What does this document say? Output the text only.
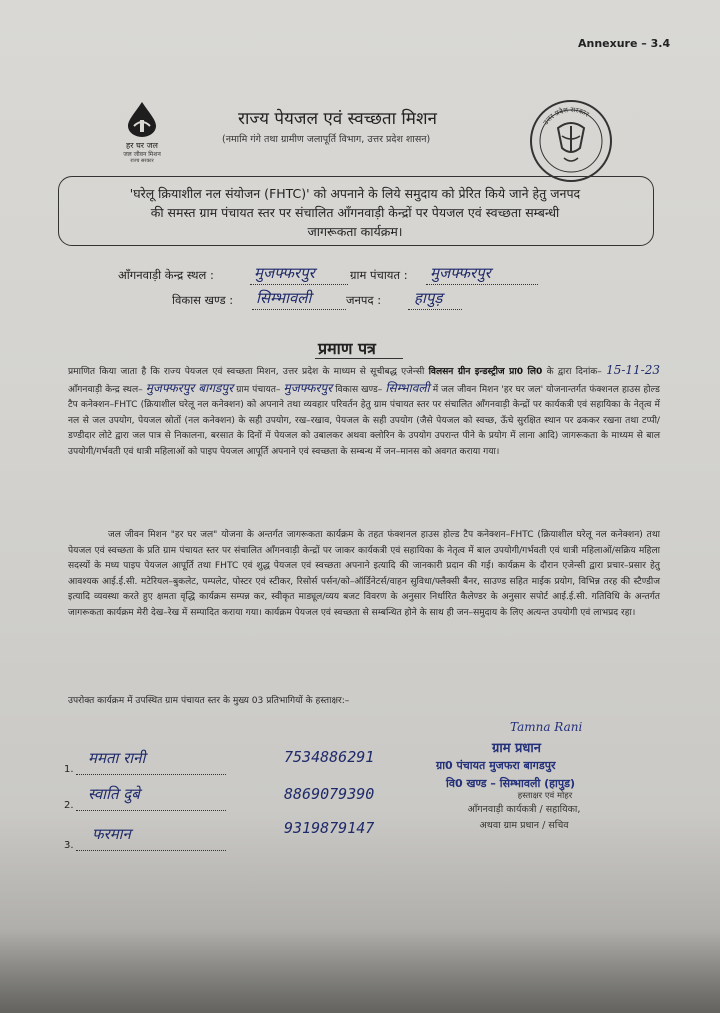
Annexure – 3.4
हर घर जल
जल जीवन मिशन
राज्य सरकार
राज्य पेयजल एवं स्वच्छता मिशन
(नमामि गंगे तथा ग्रामीण जलापूर्ति विभाग, उत्तर प्रदेश शासन)
उत्तर प्रदेश सरकार
'घरेलू क्रियाशील नल संयोजन (FHTC)' को अपनाने के लिये समुदाय को प्रेरित किये जाने हेतु जनपद
की समस्त ग्राम पंचायत स्तर पर संचालित ऑंगनवाड़ी केन्द्रों पर पेयजल एवं स्वच्छता सम्बन्धी
जागरूकता कार्यक्रम।
ऑंगनवाड़ी केन्द्र स्थल :	मुजफ्फरपुर	ग्राम पंचायत : मुजफ्फरपुर
विकास खण्ड : सिम्भावली	जनपद : हापुड़
प्रमाण पत्र
प्रमाणित किया जाता है कि राज्य पेयजल एवं स्वच्छता मिशन, उत्तर प्रदेश के माध्यम से सूचीबद्ध एजेन्सी विलसन ग्रीन इन्डस्ट्रीज प्रा0 लि0 के द्वारा दिनांक– 15-11-23 ऑंगनवाड़ी केन्द्र स्थल– मुजफ्फरपुर बागडपुर ग्राम पंचायत– मुजफ्फरपुर विकास खण्ड– सिम्भावली में जल जीवन मिशन 'हर घर जल' योजनान्तर्गत फंक्शनल हाउस होल्ड टैप कनेक्शन–FHTC (क्रियाशील घरेलू नल कनेक्शन) को अपनाने तथा व्यवहार परिवर्तन हेतु ग्राम पंचायत स्तर पर संचालित ऑंगनवाड़ी केन्द्रों पर कार्यकत्री एवं सहायिका के नेतृत्व में नल से जल उपयोग, पेयजल स्रोतों (नल कनेक्शन) के सही उपयोग, रख–रखाव, पेयजल के सही उपयोग (जैसे पेयजल को स्वच्छ, ऊँचे सुरक्षित स्थान पर ढककर रखना तथा टप्पी/डण्डीदार लोटे द्वारा जल पात्र से निकालना, बरसात के दिनों में पेयजल को उबालकर अथवा क्लोरिन के उपयोग उपरान्त पीने के प्रयोग में लाना आदि) जागरूकता के माध्यम से बाल उपयोगी/गर्भवती एवं धात्री महिलाओं को पाइप पेयजल आपूर्ति अपनाने एवं स्वच्छता के सम्बन्ध में जन–मानस को अवगत कराया गया।
जल जीवन मिशन "हर घर जल" योजना के अन्तर्गत जागरूकता कार्यक्रम के तहत फंक्शनल हाउस होल्ड टैप कनेक्शन–FHTC (क्रियाशील घरेलू नल कनेक्शन) तथा पेयजल एवं स्वच्छता के प्रति ग्राम पंचायत स्तर पर संचालित ऑंगनवाड़ी केन्द्रों पर जाकर कार्यकत्री एवं सहायिका के नेतृत्व में बाल उपयोगी/गर्भवती एवं धात्री महिलाओं/सक्रिय महिला सदस्यों के मध्य पाइप पेयजल आपूर्ति तथा FHTC एवं शुद्ध पेयजल एवं स्वच्छता अपनाने इत्यादि की जानकारी प्रदान की गई। कार्यक्रम के दौरान एजेन्सी द्वारा प्रचार–प्रसार हेतु आवश्यक आई.ई.सी. मटेरियल–बुकलेट, पम्पलेट, पोस्टर एवं स्टीकर, रिसोर्स पर्सन/को–ऑर्डिनेटर्स/वाहन सुविधा/फ्लैक्सी बैनर, साउण्ड सहित माईक प्रयोग, विभिन्न तरह की स्टैण्डीज इत्यादि व्यवस्था करते हुए क्षमता वृद्धि कार्यक्रम सम्पन्न कर, स्वीकृत माड्यूल/व्यय बजट विवरण के अनुसार निर्धारित कैलेण्डर के अनुसार सपोर्ट आई.ई.सी. गतिविधि के अन्तर्गत जागरूकता कार्यक्रम मेरी देख–रेख में सम्पादित कराया गया। कार्यक्रम पेयजल एवं स्वच्छता से सम्बन्धित होने के साथ ही जन–समुदाय के लिए अत्यन्त उपयोगी एवं लाभप्रद रहा।
उपरोक्त कार्यक्रम में उपस्थित ग्राम पंचायत स्तर के मुख्य 03 प्रतिभागियों के हस्ताक्षर:–
1.
ममता रानी	7534886291
2.
स्वाति दुबे	8869079390
3.
फरमान	9319879147
Tamna Rani
ग्राम प्रधान
ग्रा0 पंचायत मुजफरा बागडपुर
वि0 खण्ड – सिम्भावली (हापुड)
हस्ताक्षर एवं मोहर
ऑंगनवाड़ी कार्यकत्री / सहायिका,
अथवा ग्राम प्रधान / सचिव
